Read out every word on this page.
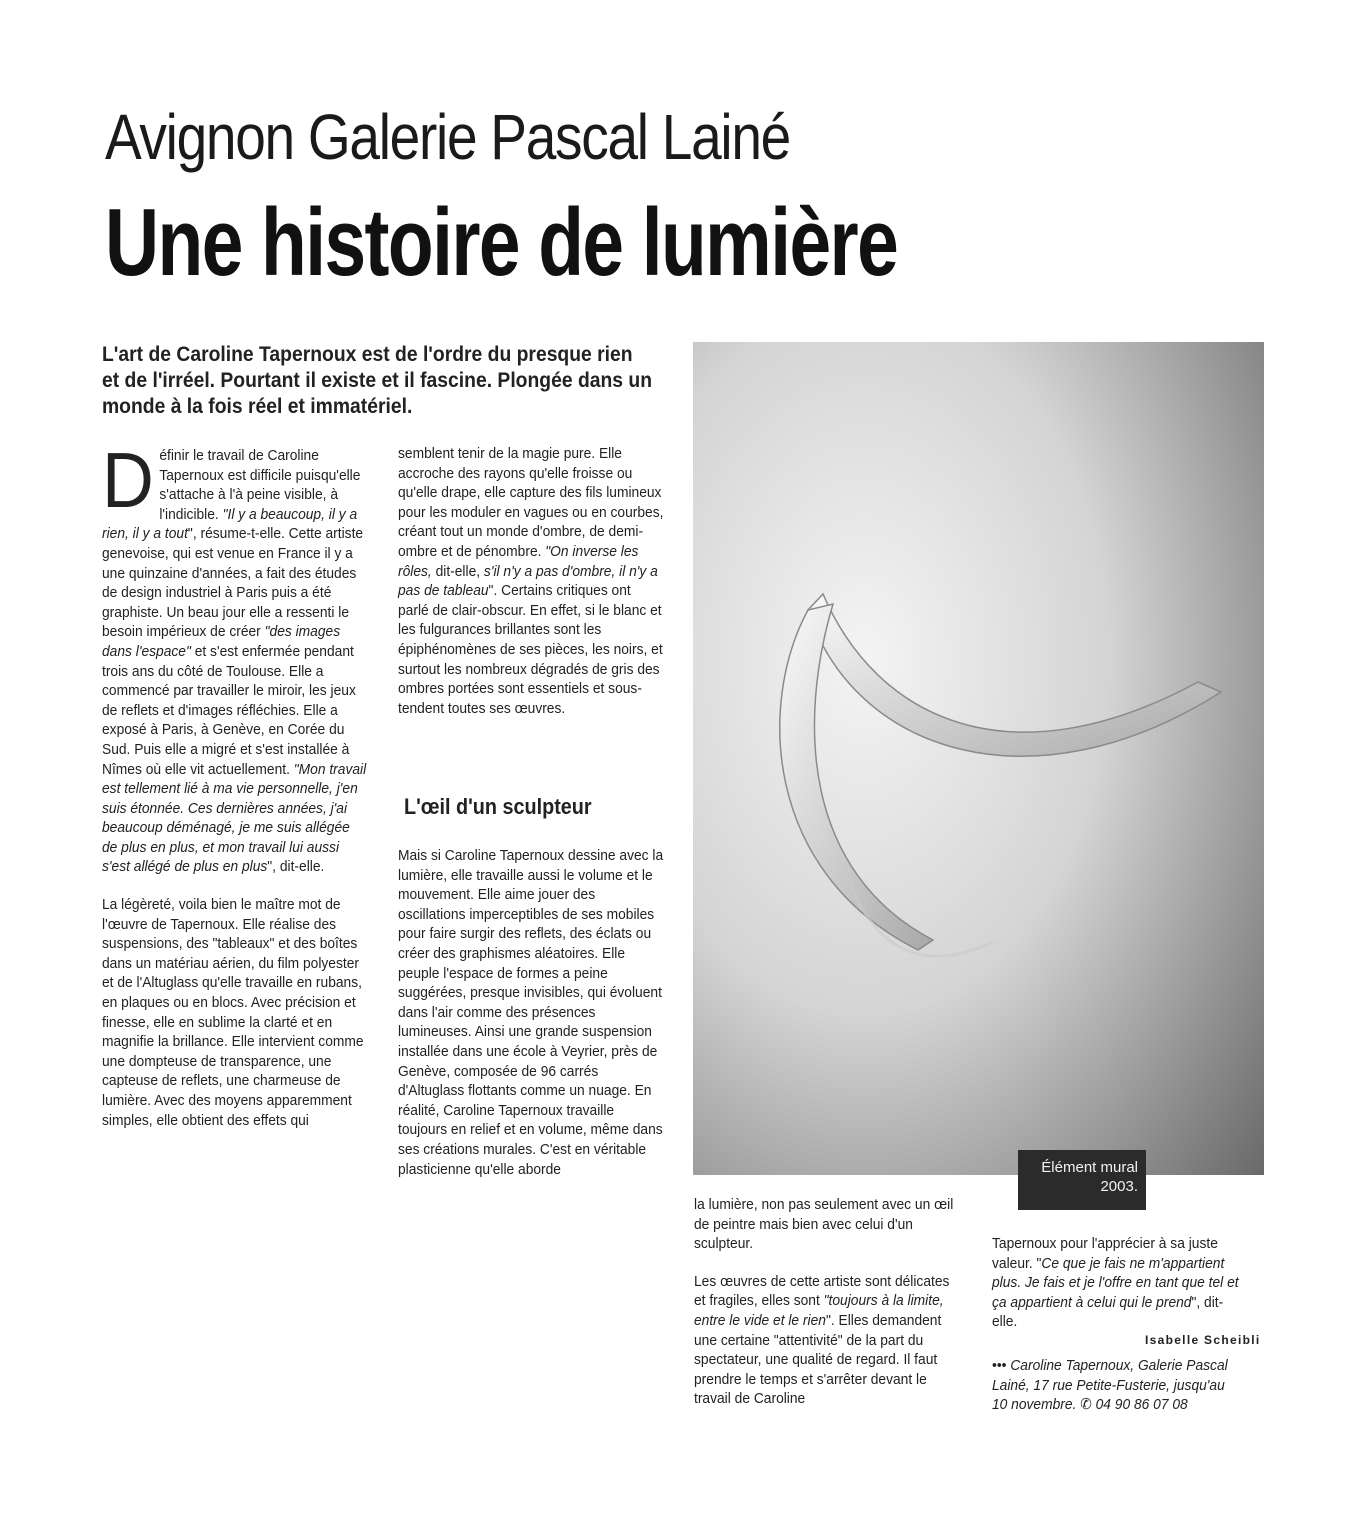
Avignon Galerie Pascal Lainé
Une histoire de lumière
L'art de Caroline Tapernoux est de l'ordre du presque rien et de l'irréel. Pourtant il existe et il fascine. Plongée dans un monde à la fois réel et immatériel.

Définir le travail de Caroline Tapernoux est difficile puisqu'elle s'attache à l'à peine visible, à l'indicible. "Il y a beaucoup, il y a rien, il y a tout", résume-t-elle. Cette artiste genevoise, qui est venue en France il y a une quinzaine d'années, a fait des études de design industriel à Paris puis a été graphiste. Un beau jour elle a ressenti le besoin impérieux de créer "des images dans l'espace" et s'est enfermée pendant trois ans du côté de Toulouse. Elle a commencé par travailler le miroir, les jeux de reflets et d'images réfléchies. Elle a exposé à Paris, à Genève, en Corée du Sud. Puis elle a migré et s'est installée à Nîmes où elle vit actuellement. "Mon travail est tellement lié à ma vie personnelle, j'en suis étonnée. Ces dernières années, j'ai beaucoup déménagé, je me suis allégée de plus en plus, et mon travail lui aussi s'est allégé de plus en plus", dit-elle.

La légèreté, voila bien le maître mot de l'œuvre de Tapernoux. Elle réalise des suspensions, des "tableaux" et des boîtes dans un matériau aérien, du film polyester et de l'Altuglass qu'elle travaille en rubans, en plaques ou en blocs. Avec précision et finesse, elle en sublime la clarté et en magnifie la brillance. Elle intervient comme une dompteuse de transparence, une capteuse de reflets, une charmeuse de lumière. Avec des moyens apparemment simples, elle obtient des effets qui

semblent tenir de la magie pure. Elle accroche des rayons qu'elle froisse ou qu'elle drape, elle capture des fils lumineux pour les moduler en vagues ou en courbes, créant tout un monde d'ombre, de demi-ombre et de pénombre. "On inverse les rôles, dit-elle, s'il n'y a pas d'ombre, il n'y a pas de tableau". Certains critiques ont parlé de clair-obscur. En effet, si le blanc et les fulgurances brillantes sont les épiphénomènes de ses pièces, les noirs, et surtout les nombreux dégradés de gris des ombres portées sont essentiels et sous-tendent toutes ses œuvres.

L'œil d'un sculpteur

Mais si Caroline Tapernoux dessine avec la lumière, elle travaille aussi le volume et le mouvement. Elle aime jouer des oscillations imperceptibles de ses mobiles pour faire surgir des reflets, des éclats ou créer des graphismes aléatoires. Elle peuple l'espace de formes a peine suggérées, presque invisibles, qui évoluent dans l'air comme des présences lumineuses. Ainsi une grande suspension installée dans une école à Veyrier, près de Genève, composée de 96 carrés d'Altuglass flottants comme un nuage. En réalité, Caroline Tapernoux travaille toujours en relief et en volume, même dans ses créations murales. C'est en véritable plasticienne qu'elle aborde	Élément mural
2003.

la lumière, non pas seulement avec un œil de peintre mais bien avec celui d'un sculpteur.

Les œuvres de cette artiste sont délicates et fragiles, elles sont "toujours à la limite, entre le vide et le rien". Elles demandent une certaine "attentivité" de la part du spectateur, une qualité de regard. Il faut prendre le temps et s'arrêter devant le travail de Caroline

Tapernoux pour l'apprécier à sa juste valeur. "Ce que je fais ne m'appartient plus. Je fais et je l'offre en tant que tel et ça appartient à celui qui le prend", dit-elle.

Isabelle Scheibli
••• Caroline Tapernoux, Galerie Pascal Lainé, 17 rue Petite-Fusterie, jusqu'au 10 novembre. ✆ 04 90 86 07 08
